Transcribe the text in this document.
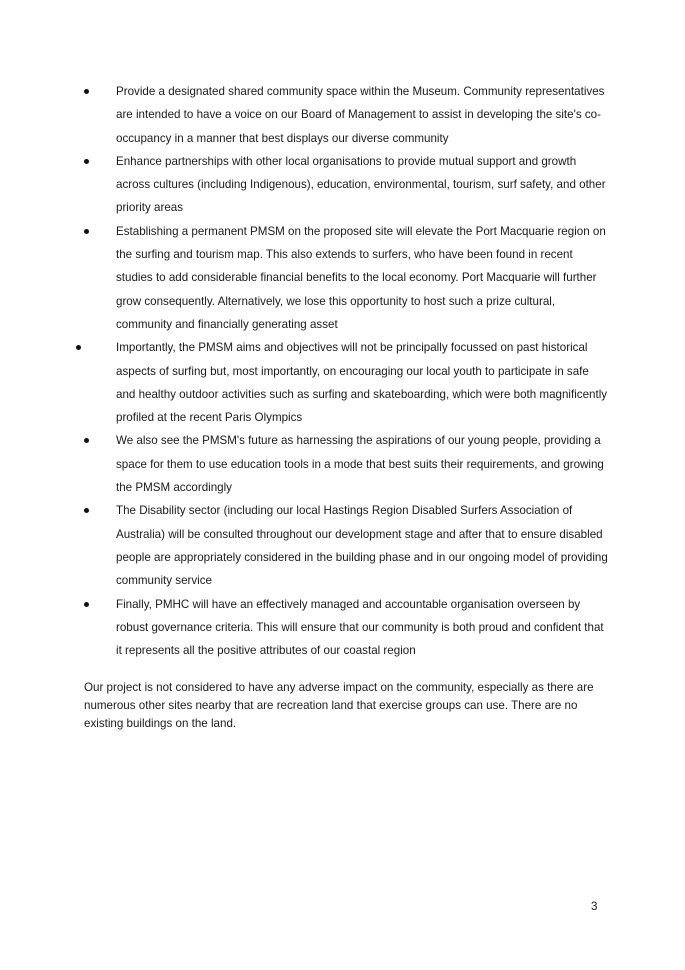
Provide a designated shared community space within the Museum. Community representatives are intended to have a voice on our Board of Management to assist in developing the site's co-occupancy in a manner that best displays our diverse community
Enhance partnerships with other local organisations to provide mutual support and growth across cultures (including Indigenous), education, environmental, tourism, surf safety, and other priority areas
Establishing a permanent PMSM on the proposed site will elevate the Port Macquarie region on the surfing and tourism map. This also extends to surfers, who have been found in recent studies to add considerable financial benefits to the local economy. Port Macquarie will further grow consequently. Alternatively, we lose this opportunity to host such a prize cultural, community and financially generating asset
Importantly, the PMSM aims and objectives will not be principally focussed on past historical aspects of surfing but, most importantly, on encouraging our local youth to participate in safe and healthy outdoor activities such as surfing and skateboarding, which were both magnificently profiled at the recent Paris Olympics
We also see the PMSM's future as harnessing the aspirations of our young people, providing a space for them to use education tools in a mode that best suits their requirements, and growing the PMSM accordingly
The Disability sector (including our local Hastings Region Disabled Surfers Association of Australia) will be consulted throughout our development stage and after that to ensure disabled people are appropriately considered in the building phase and in our ongoing model of providing community service
Finally, PMHC will have an effectively managed and accountable organisation overseen by robust governance criteria. This will ensure that our community is both proud and confident that it represents all the positive attributes of our coastal region

Our project is not considered to have any adverse impact on the community, especially as there are numerous other sites nearby that are recreation land that exercise groups can use. There are no existing buildings on the land.

3
